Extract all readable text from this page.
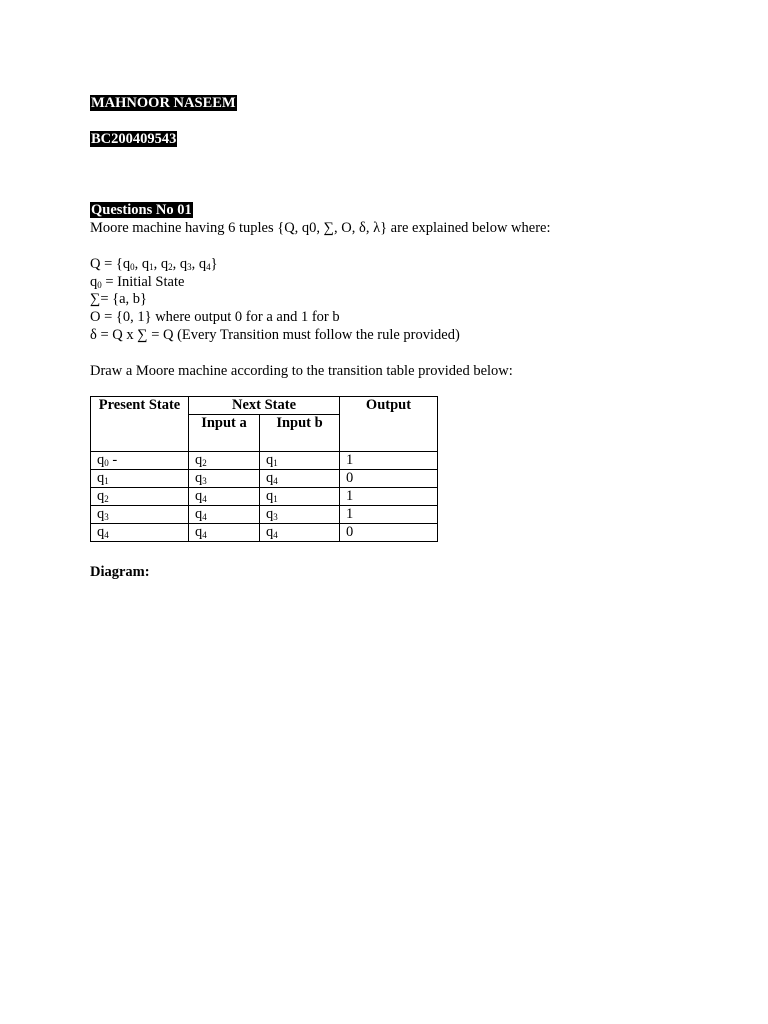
MAHNOOR NASEEM
BC200409543
Questions No 01
Moore machine having 6 tuples {Q, q0, ∑, O, δ, λ} are explained below where:
$Q = \{q_0$, $q_1$, $q_2$, $q_3$, $q_4$}
$q_0$ = Initial State
∑= {a, b}
O = {0, 1} where output 0 for a and 1 for b
δ = Q x ∑ = Q (Every Transition must follow the rule provided)
Draw a Moore machine according to the transition table provided below:
Present State	Next State		Output
	Input a	Input b	
$q_0$ -	$q_2$	$q_1$	1
$q_1$	$q_3$	$q_4$	0
$q_2$	$q_4$	$q_1$	1
$q_3$	$q_4$	$q_3$	1
$q_4$	$q_4$	$q_4$	0
Diagram:
